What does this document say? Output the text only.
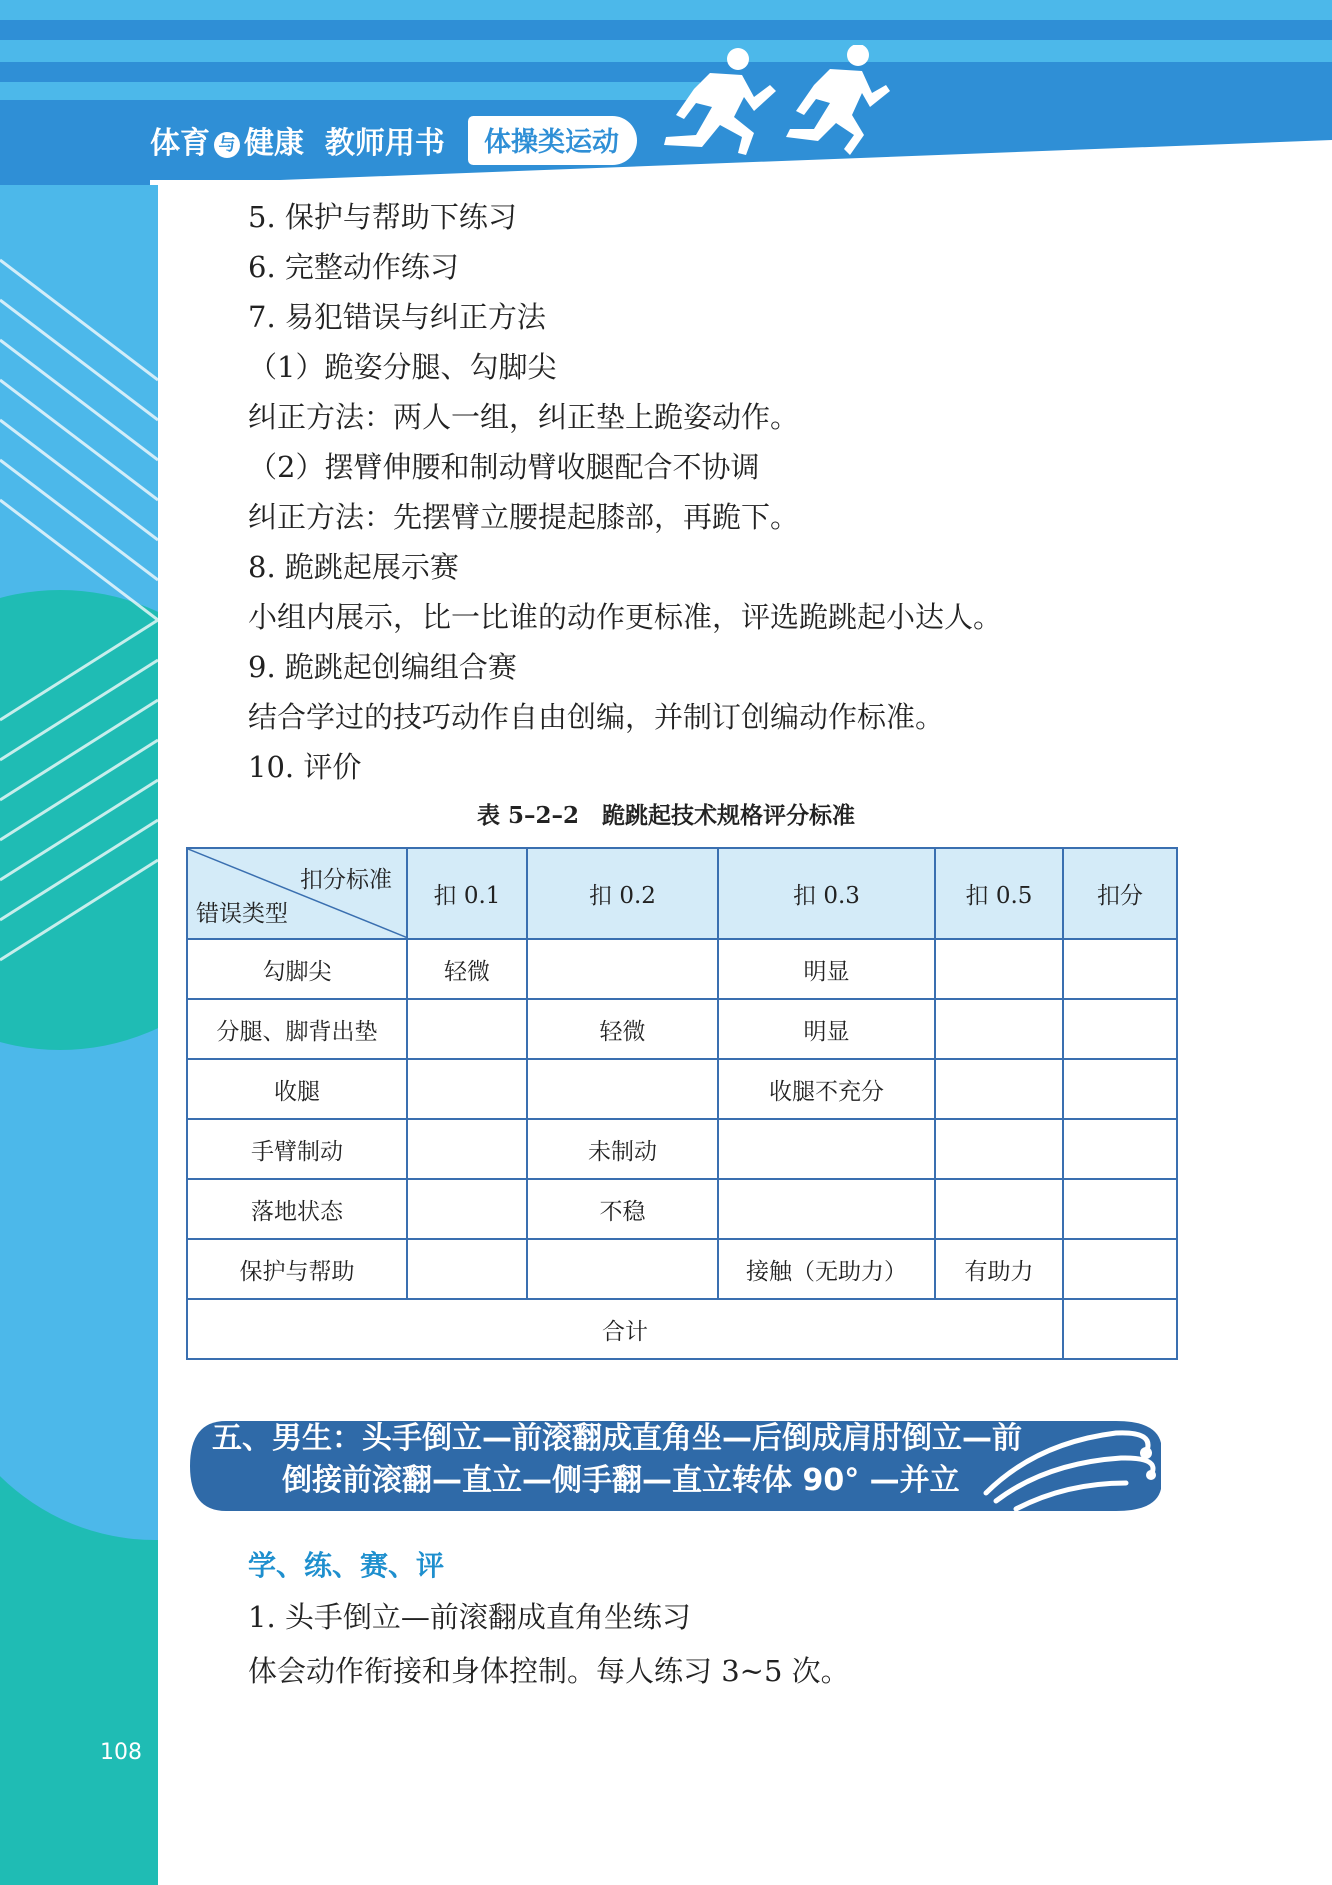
体育 与 健康 教师用书	体操类运动
5. 保护与帮助下练习
6. 完整动作练习
7. 易犯错误与纠正方法
（1）跪姿分腿、勾脚尖
纠正方法：两人一组，纠正垫上跪姿动作。
（2）摆臂伸腰和制动臂收腿配合不协调
纠正方法：先摆臂立腰提起膝部，再跪下。
8. 跪跳起展示赛
小组内展示，比一比谁的动作更标准，评选跪跳起小达人。
9. 跪跳起创编组合赛
结合学过的技巧动作自由创编，并制订创编动作标准。
10. 评价
表 5–2–2　跪跳起技术规格评分标准
扣分标准
错误类型	扣 0.1	扣 0.2	扣 0.3	扣 0.5	扣分
勾脚尖	轻微		明显		
分腿、脚背出垫		轻微	明显		
收腿			收腿不充分		
手臂制动		未制动			
落地状态		不稳			
保护与帮助			接触（无助力）	有助力	
合计					
五、男生：头手倒立—前滚翻成直角坐—后倒成肩肘倒立—前
倒接前滚翻—直立—侧手翻—直立转体 90° —并立
学、练、赛、评
1. 头手倒立—前滚翻成直角坐练习
体会动作衔接和身体控制。每人练习 3~5 次。
108
